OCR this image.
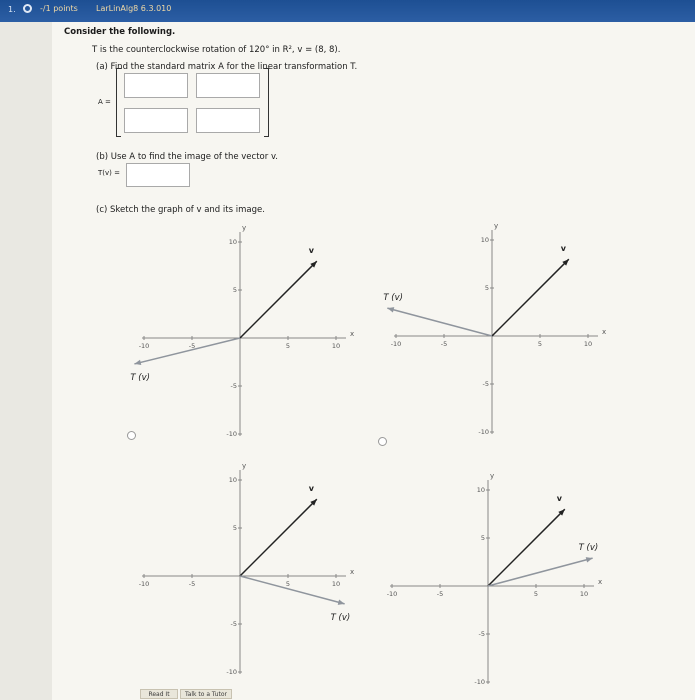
1.	-/1 points LarLinAlg8 6.3.010
Consider the following.
T is the counterclockwise rotation of 120° in R², v = (8, 8).
(a) Find the standard matrix A for the linear transformation T.
A =
(b) Use A to find the image of the vector v.
T(v) =
(c) Sketch the graph of v and its image.
x
y
-10
-10
-5
-5
5
5
10
10
v
T (v)
x
y
-10
-10
-5
-5
5
5
10
10
v
T (v)
x
y
-10
-10
-5
-5
5
5
10
10
v
T (v)
x
y
-10
-10
-5
-5
5
5
10
10
v
T (v)
Read It	Talk to a Tutor
